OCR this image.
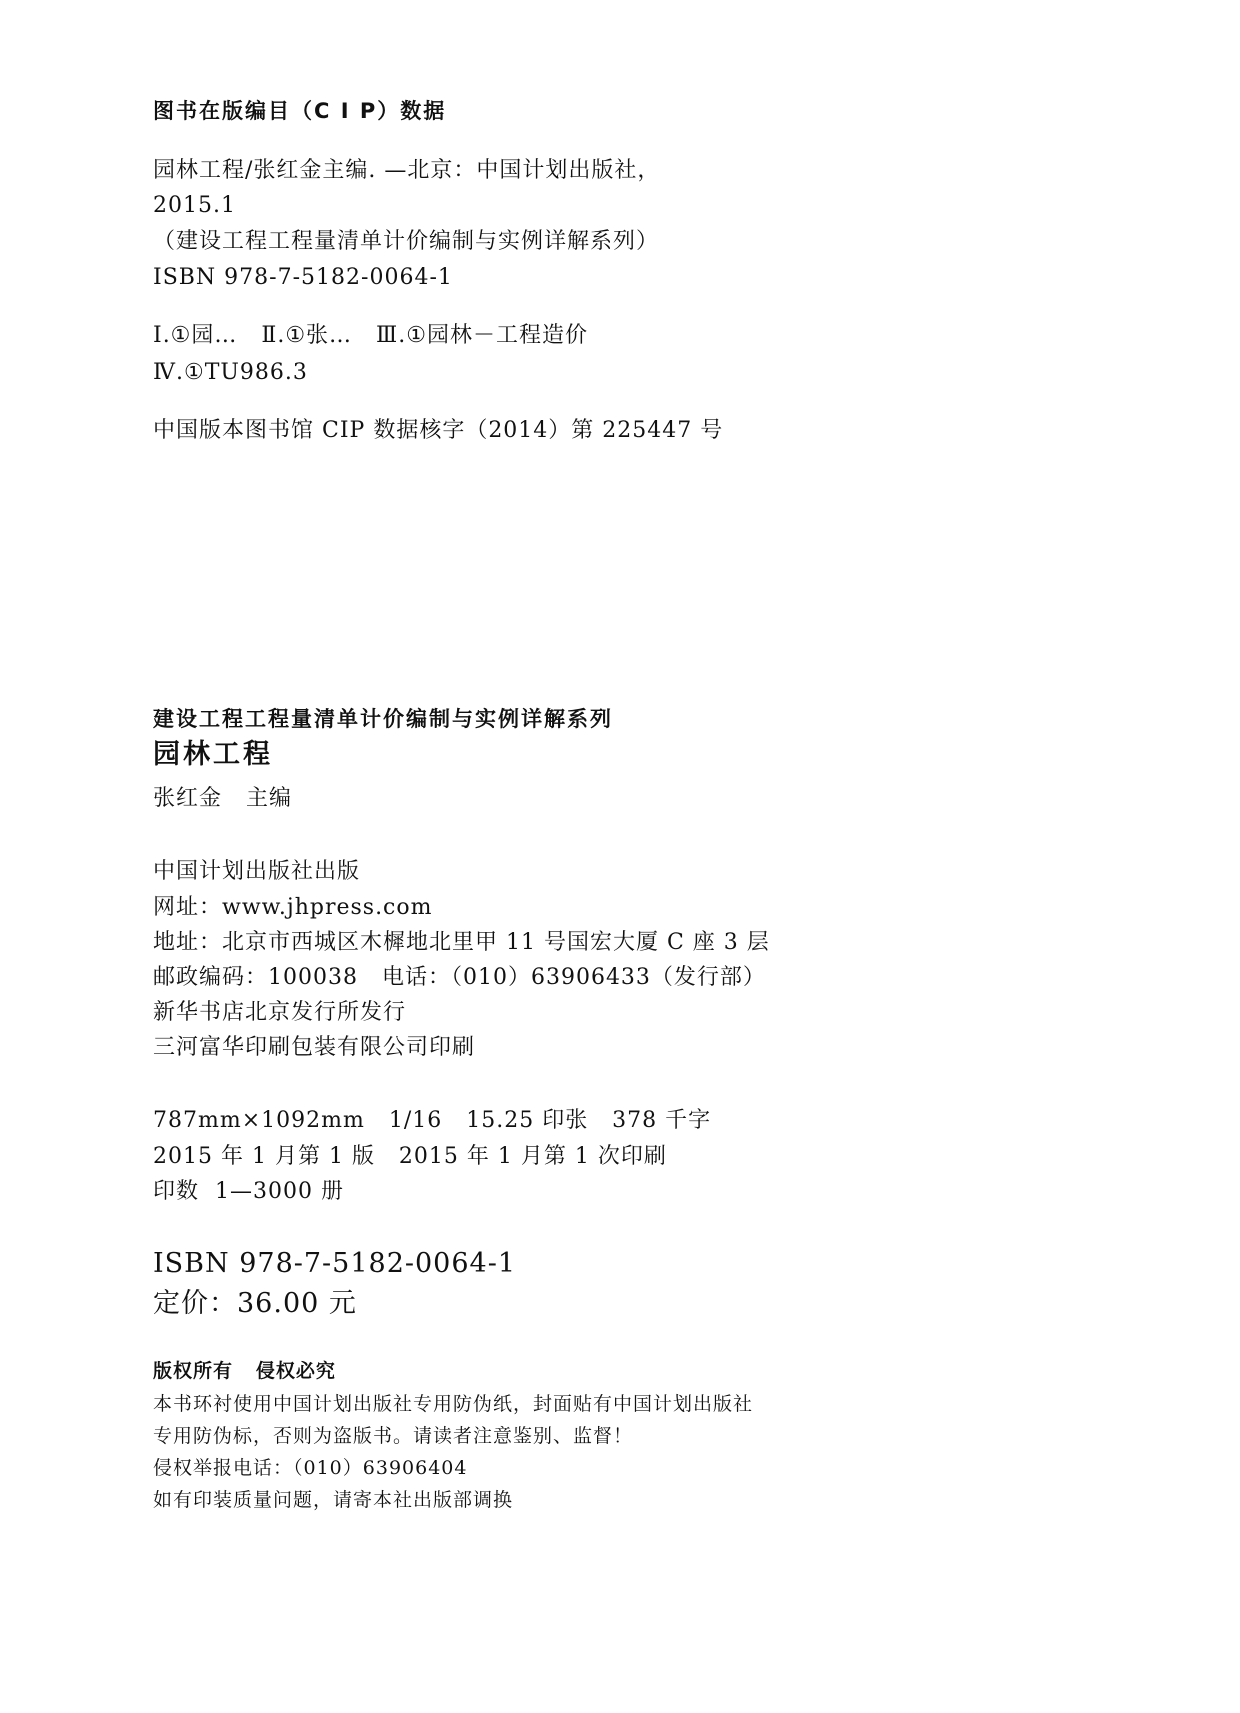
图书在版编目（C I P）数据
园林工程/张红金主编. —北京：中国计划出版社，
2015.1
（建设工程工程量清单计价编制与实例详解系列）
ISBN 978-7-5182-0064-1
Ⅰ.①园…   Ⅱ.①张…   Ⅲ.①园林－工程造价
Ⅳ.①TU986.3
中国版本图书馆 CIP 数据核字（2014）第 225447 号
建设工程工程量清单计价编制与实例详解系列
园林工程
张红金   主编
中国计划出版社出版
网址：www.jhpress.com
地址：北京市西城区木樨地北里甲 11 号国宏大厦 C 座 3 层
邮政编码：100038   电话：（010）63906433（发行部）
新华书店北京发行所发行
三河富华印刷包装有限公司印刷
787mm×1092mm   1/16   15.25 印张   378 千字
2015 年 1 月第 1 版   2015 年 1 月第 1 次印刷
印数  1—3000 册
ISBN 978-7-5182-0064-1
定价：36.00 元
版权所有   侵权必究
本书环衬使用中国计划出版社专用防伪纸，封面贴有中国计划出版社
专用防伪标，否则为盗版书。请读者注意鉴别、监督！
侵权举报电话：（010）63906404
如有印装质量问题，请寄本社出版部调换
